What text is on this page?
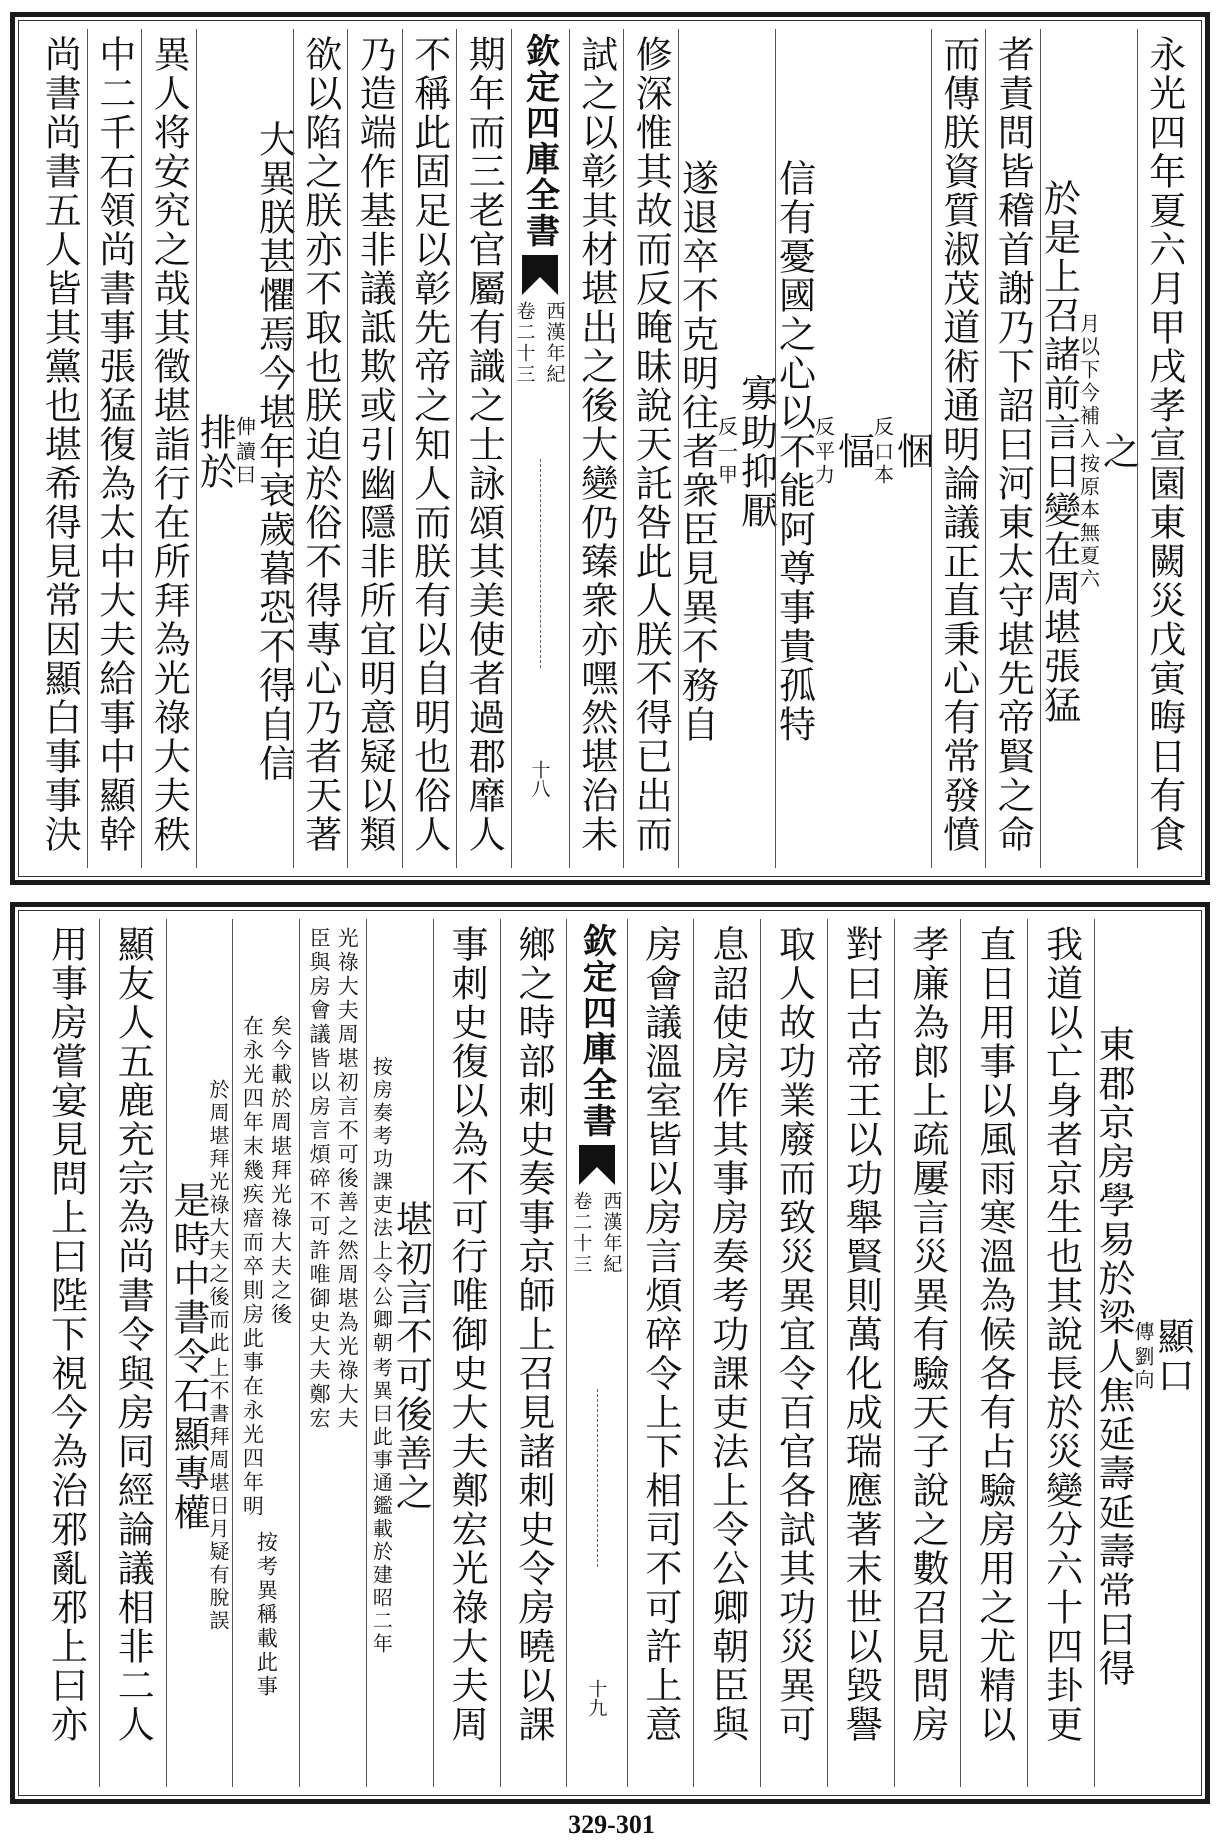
永光四年夏六月甲戌孝宣園東闕災戊寅晦日有食
之
按原本無夏六
月以下今補入
於是上召諸前言日變在周堪張猛
者責問皆稽首謝乃下詔曰河東太守堪先帝賢之命
而傳朕資質淑茂道術通明論議正直秉心有常發憤
悃
口本
反
愊
平力
反
信有憂國之心以不能阿尊事貴孤特
寡助抑厭
一甲
反
遂退卒不克明往者衆臣見異不務自
修深惟其故而反晻昧說天託咎此人朕不得已出而
試之以彰其材堪出之後大變仍臻衆亦嘿然堪治未
欽定四庫全書
西漢年紀
卷二十三
十八
期年而三老官屬有識之士詠頌其美使者過郡靡人
不稱此固足以彰先帝之知人而朕有以自明也俗人
乃造端作基非議詆欺或引幽隱非所宜明意疑以類
欲以陷之朕亦不取也朕迫於俗不得專心乃者天著
大異朕甚懼焉今堪年衰歲暮恐不得自信
讀曰
伸
排於
異人将安究之哉其徵堪詣行在所拜為光祿大夫秩
中二千石領尚書事張猛復為太中大夫給事中顯幹
尚書尚書五人皆其黨也堪希得見常因顯白事事決
顯口
劉向
傳
東郡京房學易於梁人焦延壽延壽常曰得
我道以亡身者京生也其說長於災變分六十四卦更
直日用事以風雨寒溫為候各有占驗房用之尤精以
孝廉為郎上疏屢言災異有驗天子說之數召見問房
對曰古帝王以功舉賢則萬化成瑞應著末世以毀譽
取人故功業廢而致災異宜令百官各試其功災異可
息詔使房作其事房奏考功課吏法上令公卿朝臣與
房會議溫室皆以房言煩碎令上下相司不可許上意
欽定四庫全書
西漢年紀
卷二十三
十九
鄉之時部刺史奏事京師上召見諸刺史令房曉以課
事刺史復以為不可行唯御史大夫鄭宏光祿大夫周
堪初言不可後善之
考異曰此事通鑑載於建昭二年
按房奏考功課吏法上令公卿朝
光祿大夫周堪初言不可後善之然周堪為光祿大夫
臣與房會議皆以房言煩碎不可許唯御史大夫鄭宏
矣今載於周堪拜光祿大夫之後
在永光四年末幾疾瘖而卒則房此事在永光四年明
按考異稱載此事
上不書拜周堪日月疑有脫誤
於周堪拜光祿大夫之後而此
是時中書令石顯專權
顯友人五鹿充宗為尚書令與房同經論議相非二人
用事房嘗宴見問上曰陛下視今為治邪亂邪上曰亦
329-301
